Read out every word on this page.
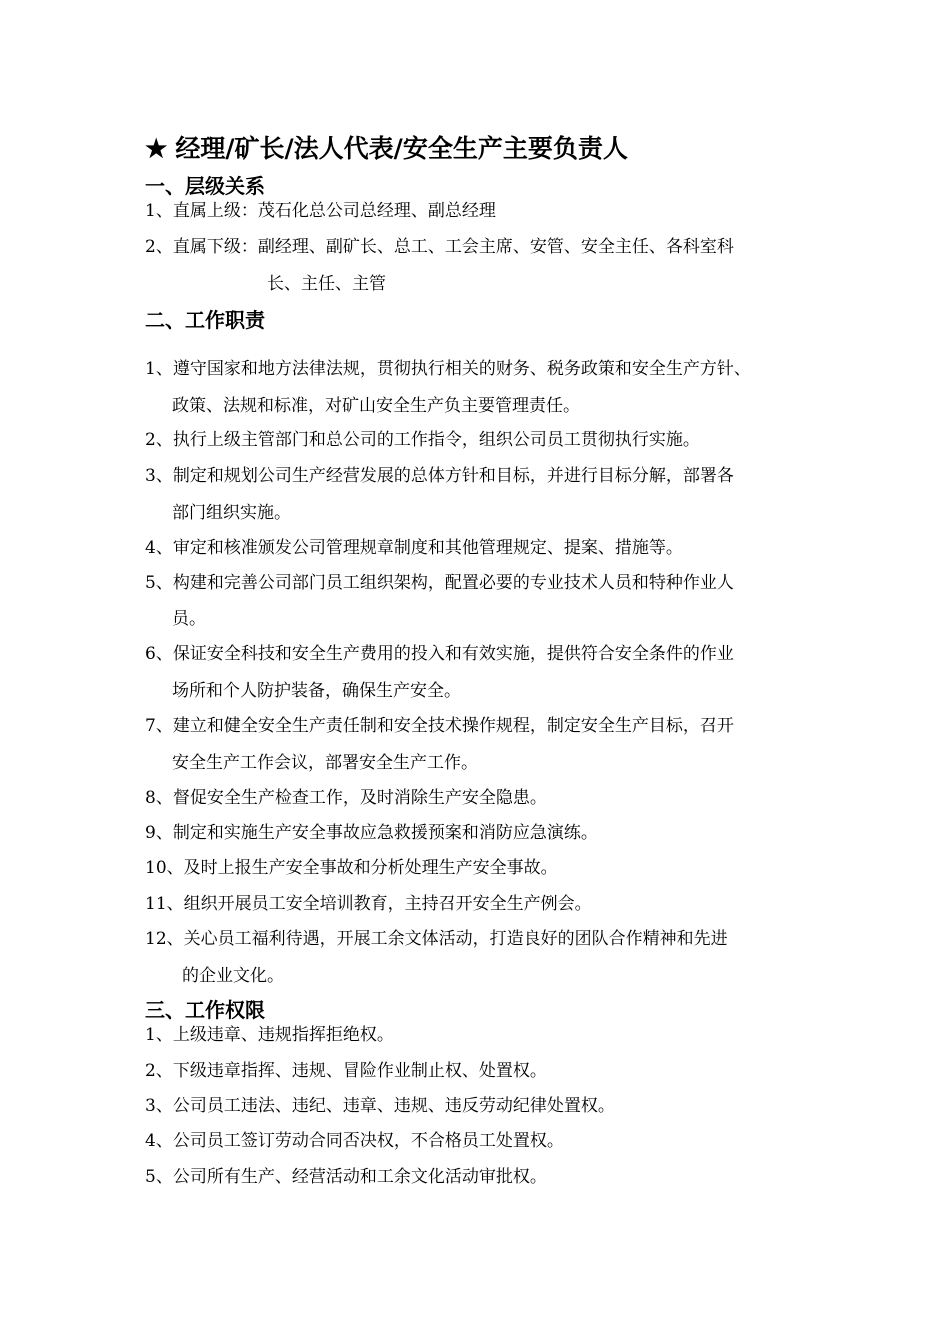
★ 经理/矿长/法人代表/安全生产主要负责人
一、层级关系
1、直属上级：茂石化总公司总经理、副总经理
2、直属下级：副经理、副矿长、总工、工会主席、安管、安全主任、各科室科
长、主任、主管
二、工作职责
1、遵守国家和地方法律法规，贯彻执行相关的财务、税务政策和安全生产方针、
政策、法规和标准，对矿山安全生产负主要管理责任。
2、执行上级主管部门和总公司的工作指令，组织公司员工贯彻执行实施。
3、制定和规划公司生产经营发展的总体方针和目标，并进行目标分解，部署各
部门组织实施。
4、审定和核准颁发公司管理规章制度和其他管理规定、提案、措施等。
5、构建和完善公司部门员工组织架构，配置必要的专业技术人员和特种作业人
员。
6、保证安全科技和安全生产费用的投入和有效实施，提供符合安全条件的作业
场所和个人防护装备，确保生产安全。
7、建立和健全安全生产责任制和安全技术操作规程，制定安全生产目标，召开
安全生产工作会议，部署安全生产工作。
8、督促安全生产检查工作，及时消除生产安全隐患。
9、制定和实施生产安全事故应急救援预案和消防应急演练。
10、及时上报生产安全事故和分析处理生产安全事故。
11、组织开展员工安全培训教育，主持召开安全生产例会。
12、关心员工福利待遇，开展工余文体活动，打造良好的团队合作精神和先进
的企业文化。
三、工作权限
1、上级违章、违规指挥拒绝权。
2、下级违章指挥、违规、冒险作业制止权、处置权。
3、公司员工违法、违纪、违章、违规、违反劳动纪律处置权。
4、公司员工签订劳动合同否决权，不合格员工处置权。
5、公司所有生产、经营活动和工余文化活动审批权。
